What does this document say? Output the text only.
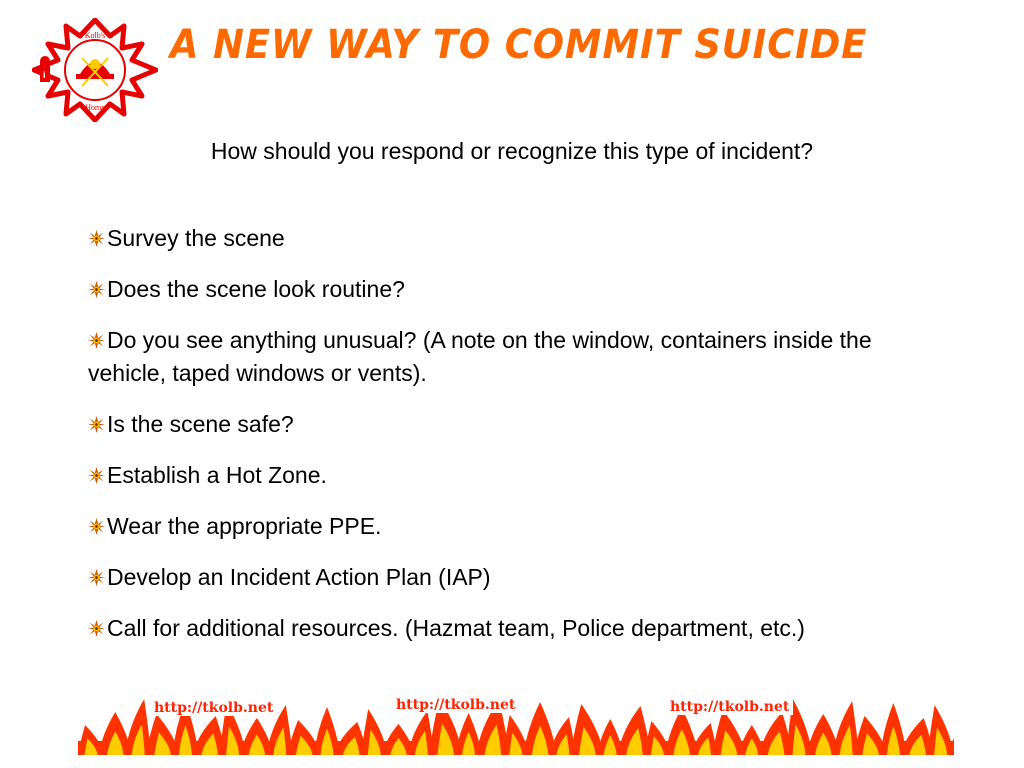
i
Kolb's
Home
A NEW WAY TO COMMIT SUICIDE
How should you respond or recognize this type of incident?
Survey the scene
Does the scene look routine?
Do you see anything unusual? (A note on the window, containers inside the vehicle, taped windows or vents).
Is the scene safe?
Establish a Hot Zone.
Wear the appropriate PPE.
Develop an Incident Action Plan (IAP)
Call for additional resources. (Hazmat team, Police department, etc.)
http://tkolb.net	http://tkolb.net	http://tkolb.net
